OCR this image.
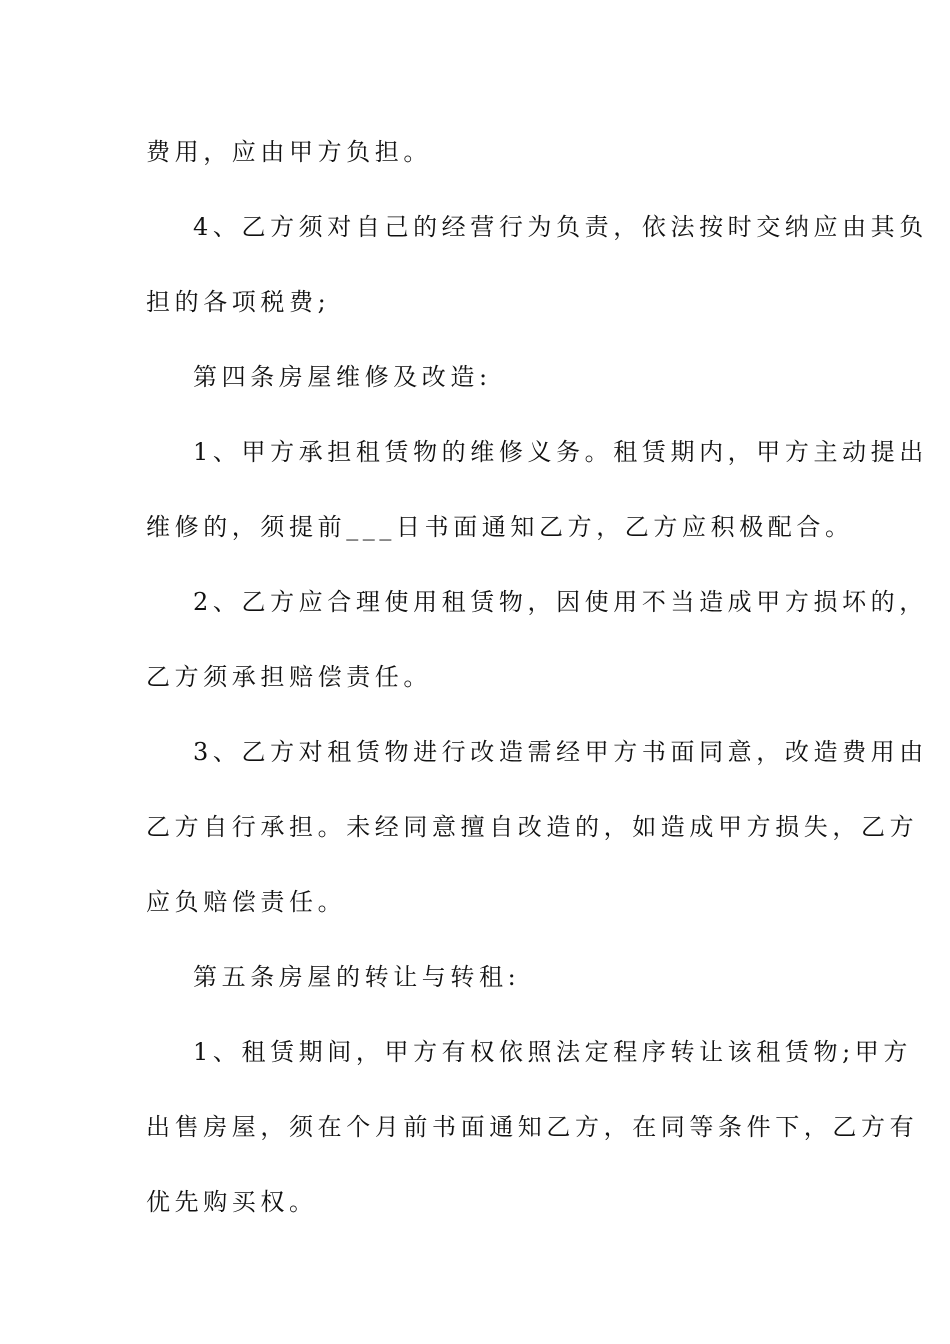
费用，应由甲方负担。
4、乙方须对自己的经营行为负责，依法按时交纳应由其负
担的各项税费;
第四条房屋维修及改造:
1、甲方承担租赁物的维修义务。租赁期内，甲方主动提出
维修的，须提前___日书面通知乙方，乙方应积极配合。
2、乙方应合理使用租赁物，因使用不当造成甲方损坏的，
乙方须承担赔偿责任。
3、乙方对租赁物进行改造需经甲方书面同意，改造费用由
乙方自行承担。未经同意擅自改造的，如造成甲方损失，乙方
应负赔偿责任。
第五条房屋的转让与转租:
1、租赁期间，甲方有权依照法定程序转让该租赁物;甲方
出售房屋，须在个月前书面通知乙方，在同等条件下，乙方有
优先购买权。
